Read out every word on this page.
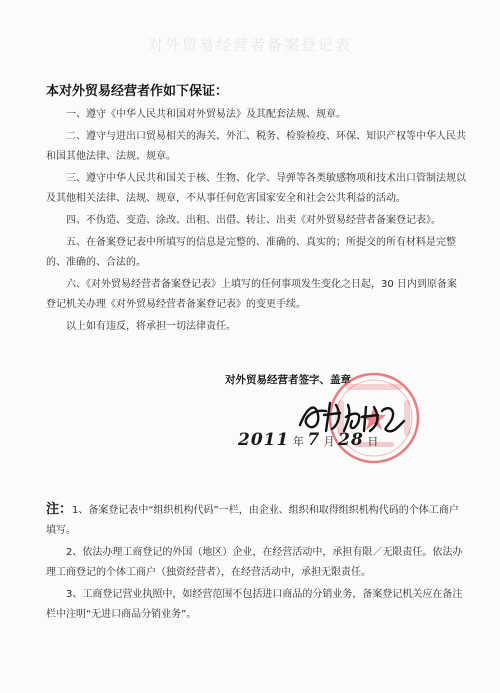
对外贸易经营者备案登记表
本对外贸易经营者作如下保证：

一、遵守《中华人民共和国对外贸易法》及其配套法规、规章。

二、遵守与进出口贸易相关的海关、外汇、税务、检验检疫、环保、知识产权等中华人民共和国其他法律、法规、规章。

三、遵守中华人民共和国关于核、生物、化学、导弹等各类敏感物项和技术出口管制法规以及其他相关法律、法规、规章，不从事任何危害国家安全和社会公共利益的活动。

四、不伪造、变造、涂改、出租、出借、转让、出卖《对外贸易经营者备案登记表》。

五、在备案登记表中所填写的信息是完整的、准确的、真实的；所提交的所有材料是完整的、准确的、合法的。

六、《对外贸易经营者备案登记表》上填写的任何事项发生变化之日起，30 日内到原备案登记机关办理《对外贸易经营者备案登记表》的变更手续。

以上如有违反，将承担一切法律责任。

对外贸易经营者签字、盖章
2011 年 7 月 28 日

注：1、备案登记表中“组织机构代码”一栏，由企业、组织和取得组织机构代码的个体工商户填写。

2、依法办理工商登记的外国（地区）企业，在经营活动中，承担有限／无限责任。依法办理工商登记的个体工商户（独资经营者），在经营活动中，承担无限责任。

3、工商登记营业执照中，如经营范围不包括进口商品的分销业务，备案登记机关应在备注栏中注明“无进口商品分销业务”。
